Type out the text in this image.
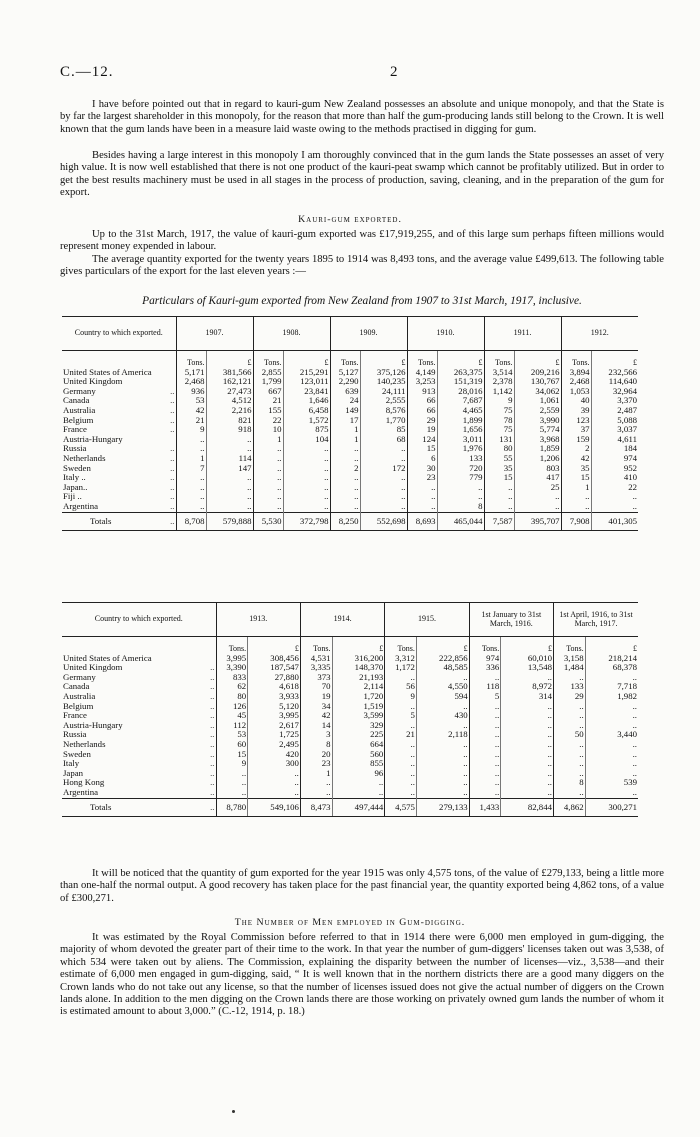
C.—12.	2

I have before pointed out that in regard to kauri-gum New Zealand possesses an absolute and unique monopoly, and that the State is by far the largest shareholder in this monopoly, for the reason that more than half the gum-producing lands still belong to the Crown. It is well known that the gum lands have been in a measure laid waste owing to the methods practised in digging for gum.

Besides having a large interest in this monopoly I am thoroughly convinced that in the gum lands the State possesses an asset of very high value. It is now well established that there is not one product of the kauri-peat swamp which cannot be profitably utilized. But in order to get the best results machinery must be used in all stages in the process of production, saving, cleaning, and in the preparation of the gum for export.

Kauri-gum exported.

Up to the 31st March, 1917, the value of kauri-gum exported was £17,919,255, and of this large sum perhaps fifteen millions would represent money expended in labour.

The average quantity exported for the twenty years 1895 to 1914 was 8,493 tons, and the average value £499,613. The following table gives particulars of the export for the last eleven years :—

Particulars of Kauri-gum exported from New Zealand from 1907 to 31st March, 1917, inclusive.

Country to which exported.	1907.		1908.		1909.		1910.		1911.		1912.	
	Tons.	£	Tons.	£	Tons.	£	Tons.	£	Tons.	£	Tons.	£
United States of America	5,171	381,566	2,855	215,291	5,127	375,126	4,149	263,375	3,514	209,216	3,894	232,566
United Kingdom	2,468	162,121	1,799	123,011	2,290	140,235	3,253	151,319	2,378	130,767	2,468	114,640
Germany ..	936	27,473	667	23,841	639	24,111	913	28,016	1,142	34,062	1,053	32,964
Canada ..	53	4,512	21	1,646	24	2,555	66	7,687	9	1,061	40	3,370
Australia ..	42	2,216	155	6,458	149	8,576	66	4,465	75	2,559	39	2,487
Belgium ..	21	821	22	1,572	17	1,770	29	1,899	78	3,990	123	5,088
France ..	9	918	10	875	1	85	19	1,656	75	5,774	37	3,037
Austria-Hungary	..	..	1	104	1	68	124	3,011	131	3,968	159	4,611
Russia ..	..	..	..	..	..	..	15	1,976	80	1,859	2	184
Netherlands ..	1	114	..	..	..	..	6	133	55	1,206	42	974
Sweden ..	7	147	..	..	2	172	30	720	35	803	35	952
Italy .. ..	..	..	..	..	..	..	23	779	15	417	15	410
Japan.. ..	..	..	..	..	..	..	..	..	..	25	1	22
Fiji .. ..	..	..	..	..	..	..	..	..	..	..	..	..
Argentina ..	..	..	..	..	..	..	..	8	..	..	..	..
Totals ..	8,708	579,888	5,530	372,798	8,250	552,698	8,693	465,044	7,587	395,707	7,908	401,305
Country to which exported.	1913.		1914.		1915.		1st January to 31st March, 1916.		1st April, 1916, to 31st March, 1917.	
	Tons.	£	Tons.	£	Tons.	£	Tons.	£	Tons.	£
United States of America	3,995	308,456	4,531	316,200	3,312	222,856	974	60,010	3,158	218,214
United Kingdom ..	3,390	187,547	3,335	148,370	1,172	48,585	336	13,548	1,484	68,378
Germany ..	833	27,880	373	21,193	..	..	..	..	..	..
Canada ..	62	4,618	70	2,114	56	4,550	118	8,972	133	7,718
Australia ..	80	3,933	19	1,720	9	594	5	314	29	1,982
Belgium ..	126	5,120	34	1,519	..	..	..	..	..	..
France ..	45	3,995	42	3,599	5	430	..	..	..	..
Austria-Hungary ..	112	2,617	14	329	..	..	..	..	..	..
Russia ..	53	1,725	3	225	21	2,118	..	..	50	3,440
Netherlands ..	60	2,495	8	664	..	..	..	..	..	..
Sweden ..	15	420	20	560	..	..	..	..	..	..
Italy ..	9	300	23	855	..	..	..	..	..	..
Japan ..	..	..	1	96	..	..	..	..	..	..
Hong Kong ..	..	..	..	..	..	..	..	..	8	539
Argentina ..	..	..	..	..	..	..	..	..	..	..
Totals ..	8,780	549,106	8,473	497,444	4,575	279,133	1,433	82,844	4,862	300,271

It will be noticed that the quantity of gum exported for the year 1915 was only 4,575 tons, of the value of £279,133, being a little more than one-half the normal output. A good recovery has taken place for the past financial year, the quantity exported being 4,862 tons, of a value of £300,271.

The Number of Men employed in Gum-digging.

It was estimated by the Royal Commission before referred to that in 1914 there were 6,000 men employed in gum-digging, the majority of whom devoted the greater part of their time to the work. In that year the number of gum-diggers' licenses taken out was 3,538, of which 534 were taken out by aliens. The Commission, explaining the disparity between the number of licenses—viz., 3,538—and their estimate of 6,000 men engaged in gum-digging, said, “ It is well known that in the northern districts there are a good many diggers on the Crown lands who do not take out any license, so that the number of licenses issued does not give the actual number of diggers on the Crown lands alone. In addition to the men digging on the Crown lands there are those working on privately owned gum lands the number of whom it is estimated amount to about 3,000.” (C.-12, 1914, p. 18.)
